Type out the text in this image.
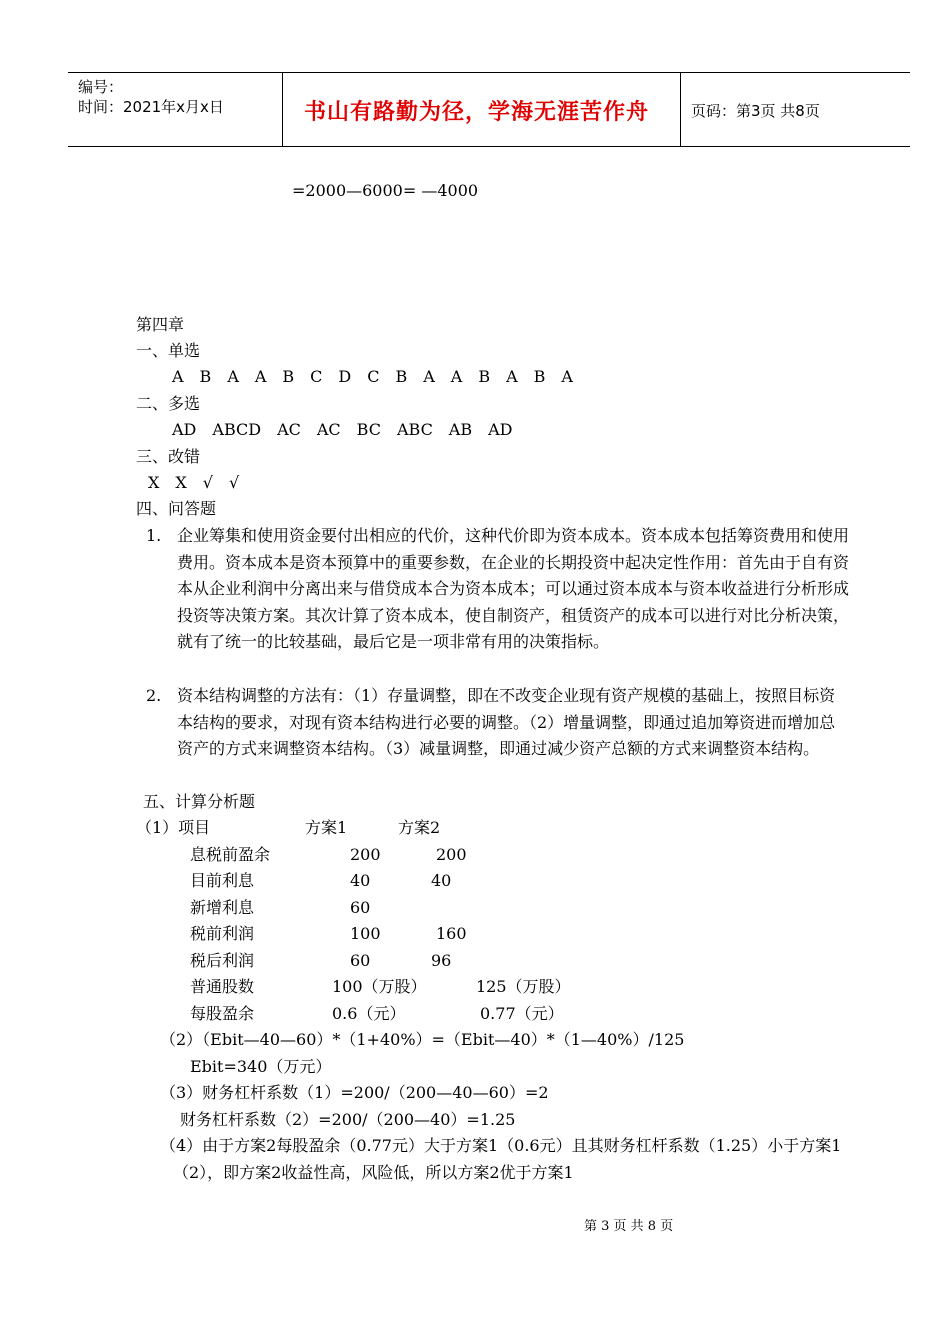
编号：
时间：2021年x月x日	书山有路勤为径，学海无涯苦作舟	页码：第3页 共8页
=2000—6000= —4000
第四章
一、单选
A　B　A　A　B　C　D　C　B　A　A　B　A　B　A
二、多选
AD　ABCD　AC　AC　BC　ABC　AB　AD
三、改错
X　X　√　√
四、问答题
1. 企业筹集和使用资金要付出相应的代价，这种代价即为资本成本。资本成本包括筹资费用和使用费用。资本成本是资本预算中的重要参数，在企业的长期投资中起决定性作用：首先由于自有资本从企业利润中分离出来与借贷成本合为资本成本；可以通过资本成本与资本收益进行分析形成投资等决策方案。其次计算了资本成本，使自制资产，租赁资产的成本可以进行对比分析决策，就有了统一的比较基础，最后它是一项非常有用的决策指标。
2. 资本结构调整的方法有：（1）存量调整，即在不改变企业现有资产规模的基础上，按照目标资本结构的要求，对现有资本结构进行必要的调整。（2）增量调整，即通过追加筹资进而增加总资产的方式来调整资本结构。（3）减量调整，即通过减少资产总额的方式来调整资本结构。
五、计算分析题
（1）项目	方案1	方案2
息税前盈余	200	200
目前利息	40	40
新增利息	60
税前利润	100	160
税后利润	60	96
普通股数	100（万股）	125（万股）
每股盈余	0.6（元）	0.77（元）
（2）（Ebit—40—60）*（1+40%）=（Ebit—40）*（1—40%）/125
Ebit=340（万元）
（3）财务杠杆系数（1）=200/（200—40—60）=2
财务杠杆系数（2）=200/（200—40）=1.25
（4）由于方案2每股盈余（0.77元）大于方案1（0.6元）且其财务杠杆系数（1.25）小于方案1（2），即方案2收益性高，风险低，所以方案2优于方案1
第 3 页 共 8 页
